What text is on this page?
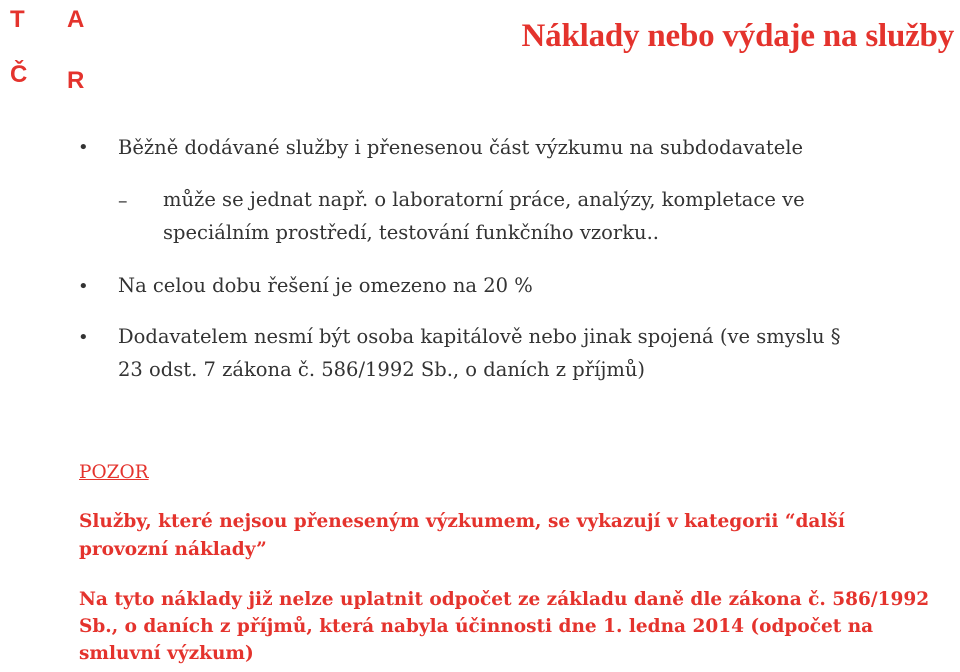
T A
Č R
Náklady nebo výdaje na služby
• Běžně dodávané služby i přenesenou část výzkumu na subdodavatele
– může se jednat např. o laboratorní práce, analýzy, kompletace ve
speciálním prostředí, testování funkčního vzorku..
• Na celou dobu řešení je omezeno na 20 %
• Dodavatelem nesmí být osoba kapitálově nebo jinak spojená (ve smyslu §
23 odst. 7 zákona č. 586/1992 Sb., o daních z příjmů)
POZOR
Služby, které nejsou přeneseným výzkumem, se vykazují v kategorii “další
provozní náklady”
Na tyto náklady již nelze uplatnit odpočet ze základu daně dle zákona č. 586/1992
Sb., o daních z příjmů, která nabyla účinnosti dne 1. ledna 2014 (odpočet na
smluvní výzkum)
